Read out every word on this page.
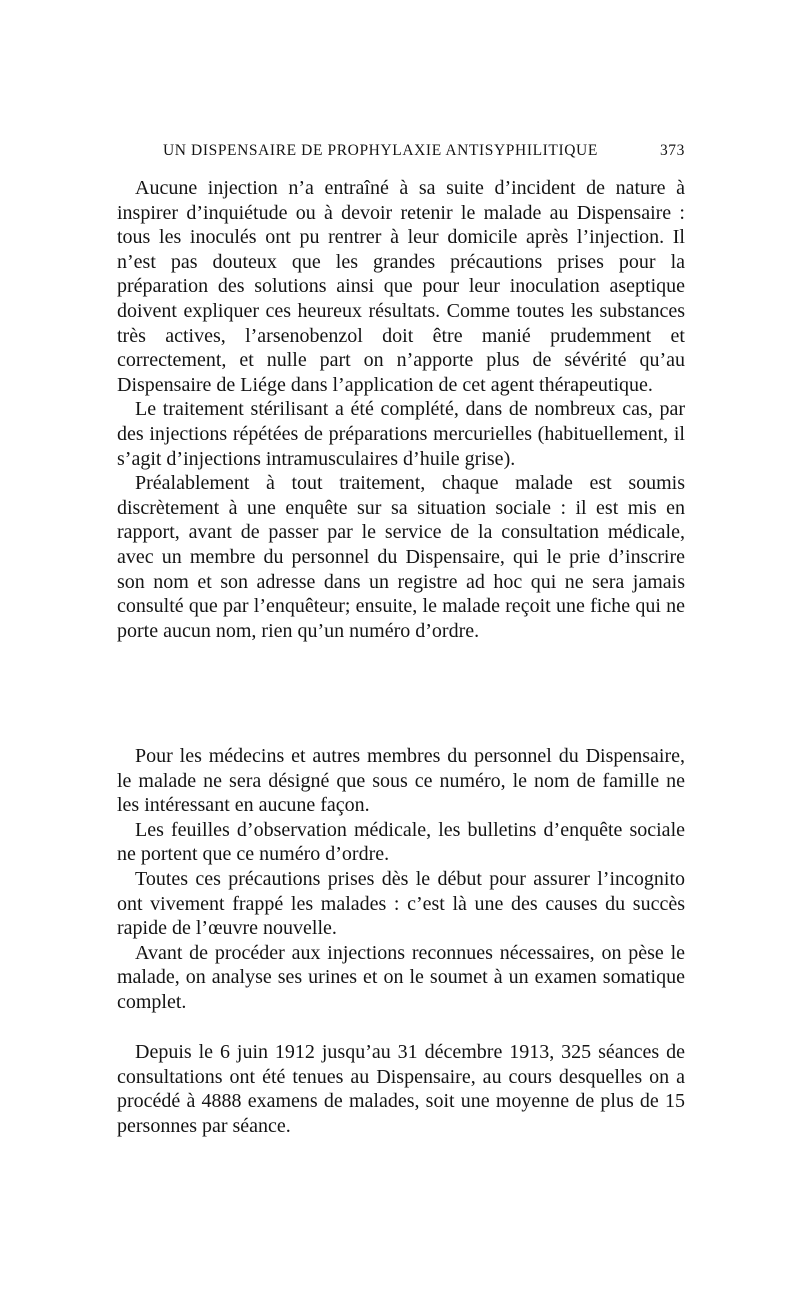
UN DISPENSAIRE DE PROPHYLAXIE ANTISYPHILITIQUE	373

Aucune injection n’a entraîné à sa suite d’incident de nature à inspirer d’inquiétude ou à devoir retenir le malade au Dispensaire : tous les inoculés ont pu rentrer à leur domicile après l’injection. Il n’est pas douteux que les grandes précautions prises pour la préparation des solutions ainsi que pour leur inoculation aseptique doivent expliquer ces heureux résultats. Comme toutes les substances très actives, l’arsenobenzol doit être manié prudemment et correctement, et nulle part on n’apporte plus de sévérité qu’au Dispensaire de Liége dans l’application de cet agent thérapeutique.

Le traitement stérilisant a été complété, dans de nombreux cas, par des injections répétées de préparations mercurielles (habituellement, il s’agit d’injections intramusculaires d’huile grise).

Préalablement à tout traitement, chaque malade est soumis discrètement à une enquête sur sa situation sociale : il est mis en rapport, avant de passer par le service de la consultation médicale, avec un membre du personnel du Dispensaire, qui le prie d’inscrire son nom et son adresse dans un registre ad hoc qui ne sera jamais consulté que par l’enquêteur; ensuite, le malade reçoit une fiche qui ne porte aucun nom, rien qu’un numéro d’ordre.

Pour les médecins et autres membres du personnel du Dispensaire, le malade ne sera désigné que sous ce numéro, le nom de famille ne les intéressant en aucune façon.

Les feuilles d’observation médicale, les bulletins d’enquête sociale ne portent que ce numéro d’ordre.

Toutes ces précautions prises dès le début pour assurer l’incognito ont vivement frappé les malades : c’est là une des causes du succès rapide de l’œuvre nouvelle.

Avant de procéder aux injections reconnues nécessaires, on pèse le malade, on analyse ses urines et on le soumet à un examen somatique complet.

Depuis le 6 juin 1912 jusqu’au 31 décembre 1913, 325 séances de consultations ont été tenues au Dispensaire, au cours desquelles on a procédé à 4888 examens de malades, soit une moyenne de plus de 15 personnes par séance.
